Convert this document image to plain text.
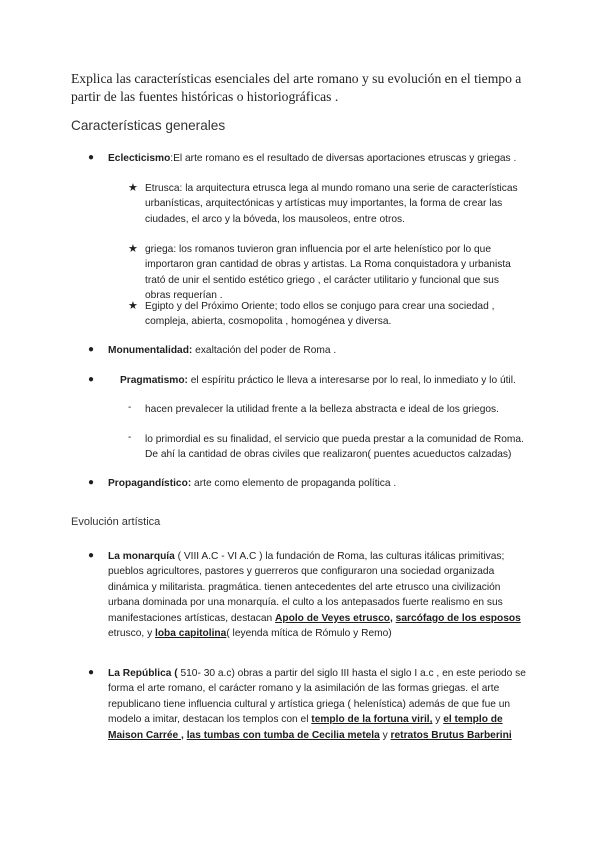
Explica las características esenciales del arte romano y su evolución en el tiempo a partir de las fuentes históricas o historiográficas .
Características generales
● Eclecticismo:El arte romano es el resultado de diversas aportaciones etruscas y griegas .
★ Etrusca: la arquitectura etrusca lega al mundo romano una serie de características urbanísticas, arquitectónicas y artísticas muy importantes, la forma de crear las ciudades, el arco y la bóveda, los mausoleos, entre otros.
★ griega: los romanos tuvieron gran influencia por el arte helenístico por lo que importaron gran cantidad de obras y artistas. La Roma conquistadora y urbanista trató de unir el sentido estético griego , el carácter utilitario y funcional que sus obras requerían .
★ Egipto y del Próximo Oriente; todo ellos se conjugo para crear una sociedad , compleja, abierta, cosmopolita , homogénea y diversa.
● Monumentalidad: exaltación del poder de Roma .
●	Pragmatismo: el espíritu práctico le lleva a interesarse por lo real, lo inmediato y lo útil.
- hacen prevalecer la utilidad frente a la belleza abstracta e ideal de los griegos.
- lo primordial es su finalidad, el servicio que pueda prestar a la comunidad de Roma. De ahí la cantidad de obras civiles que realizaron( puentes acueductos calzadas)
● Propagandístico: arte como elemento de propaganda política .
Evolución artística
● La monarquía ( VIII A.C - VI A.C ) la fundación de Roma, las culturas itálicas primitivas; pueblos agricultores, pastores y guerreros que configuraron una sociedad organizada dinámica y militarista. pragmática. tienen antecedentes del arte etrusco una civilización urbana dominada por una monarquía. el culto a los antepasados fuerte realismo en sus manifestaciones artísticas, destacan Apolo de Veyes etrusco, sarcófago de los esposos etrusco, y loba capitolina( leyenda mítica de Rómulo y Remo)
● La República ( 510- 30 a.c) obras a partir del siglo III hasta el siglo I a.c , en este periodo se forma el arte romano, el carácter romano y la asimilación de las formas griegas. el arte republicano tiene influencia cultural y artística griega ( helenística) además de que fue un modelo a imitar, destacan los templos con el templo de la fortuna viril, y el templo de Maison Carrée , las tumbas con tumba de Cecilia metela y retratos Brutus Barberini
